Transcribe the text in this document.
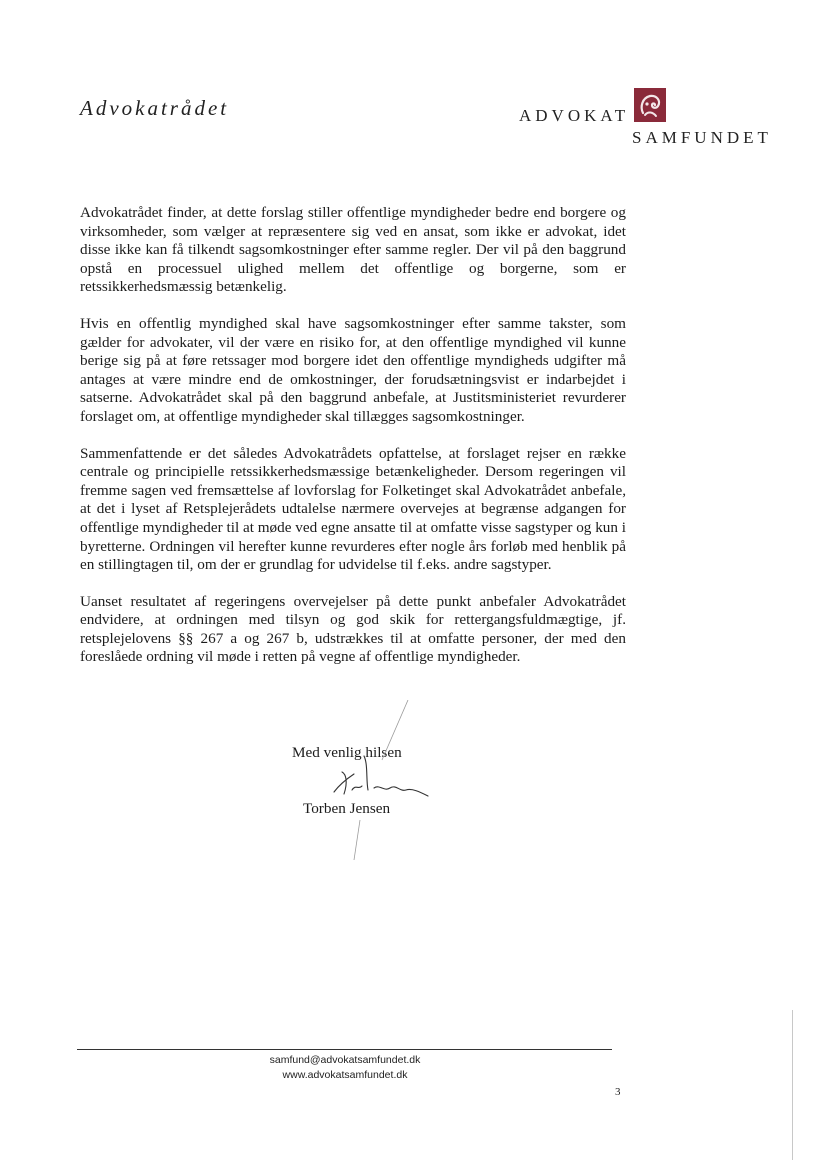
Advokatrådet	ADVOKAT
SAMFUNDET

Advokatrådet finder, at dette forslag stiller offentlige myndigheder bedre end borgere og virksomheder, som vælger at repræsentere sig ved en ansat, som ikke er advokat, idet disse ikke kan få tilkendt sagsomkostninger efter samme regler. Der vil på den baggrund opstå en processuel ulighed mellem det offentlige og borgerne, som er retssikkerhedsmæssig betænkelig.

Hvis en offentlig myndighed skal have sagsomkostninger efter samme takster, som gælder for advokater, vil der være en risiko for, at den offentlige myndighed vil kunne berige sig på at føre retssager mod borgere idet den offentlige myndigheds udgifter må antages at være mindre end de omkostninger, der forudsætningsvist er indarbejdet i satserne. Advokatrådet skal på den baggrund anbefale, at Justitsministeriet revurderer forslaget om, at offentlige myndigheder skal tillægges sagsomkostninger.

Sammenfattende er det således Advokatrådets opfattelse, at forslaget rejser en række centrale og principielle retssikkerhedsmæssige betænkeligheder. Dersom regeringen vil fremme sagen ved fremsættelse af lovforslag for Folketinget skal Advokatrådet anbefale, at det i lyset af Retsplejerådets udtalelse nærmere overvejes at begrænse adgangen for offentlige myndigheder til at møde ved egne ansatte til at omfatte visse sagstyper og kun i byretterne. Ordningen vil herefter kunne revurderes efter nogle års forløb med henblik på en stillingtagen til, om der er grundlag for udvidelse til f.eks. andre sagstyper.

Uanset resultatet af regeringens overvejelser på dette punkt anbefaler Advokatrådet endvidere, at ordningen med tilsyn og god skik for rettergangsfuldmægtige, jf. retsplejelovens §§ 267 a og 267 b, udstrækkes til at omfatte personer, der med den foreslåede ordning vil møde i retten på vegne af offentlige myndigheder.

Med venlig hilsen
Torben Jensen
samfund@advokatsamfundet.dk
www.advokatsamfundet.dk
3
